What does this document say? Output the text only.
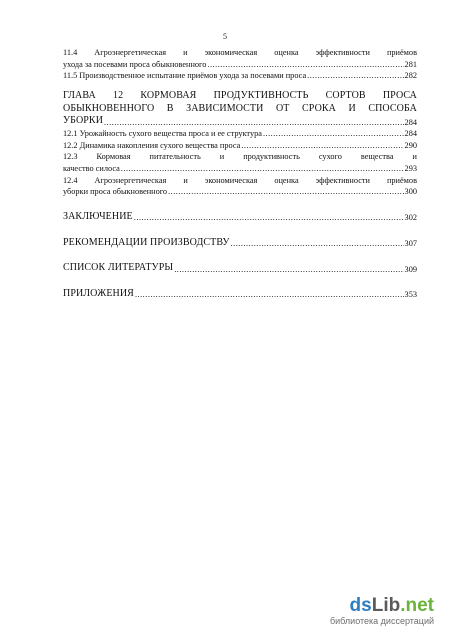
5
11.4 Агроэнергетическая и экономическая оценка эффективности приёмов
ухода за посевами проса обыкновенного .....	281
11.5 Производственное испытание приёмов ухода за посевами проса .....	282
ГЛАВА 12 КОРМОВАЯ ПРОДУКТИВНОСТЬ СОРТОВ ПРОСА
ОБЫКНОВЕННОГО В ЗАВИСИМОСТИ ОТ СРОКА И СПОСОБА
УБОРКИ .....	284
12.1 Урожайность сухого вещества проса и ее структура .....	284
12.2 Динамика накопления сухого вещества проса .....	290
12.3 Кормовая питательность и продуктивность сухого вещества и
качество силоса .....	293
12.4 Агроэнергетическая и экономическая оценка эффективности приёмов
уборки проса обыкновенного .....	300
ЗАКЛЮЧЕНИЕ .....	302
РЕКОМЕНДАЦИИ ПРОИЗВОДСТВУ .....	307
СПИСОК ЛИТЕРАТУРЫ .....	309
ПРИЛОЖЕНИЯ .....	353
dsLib.net
библиотека диссертаций
